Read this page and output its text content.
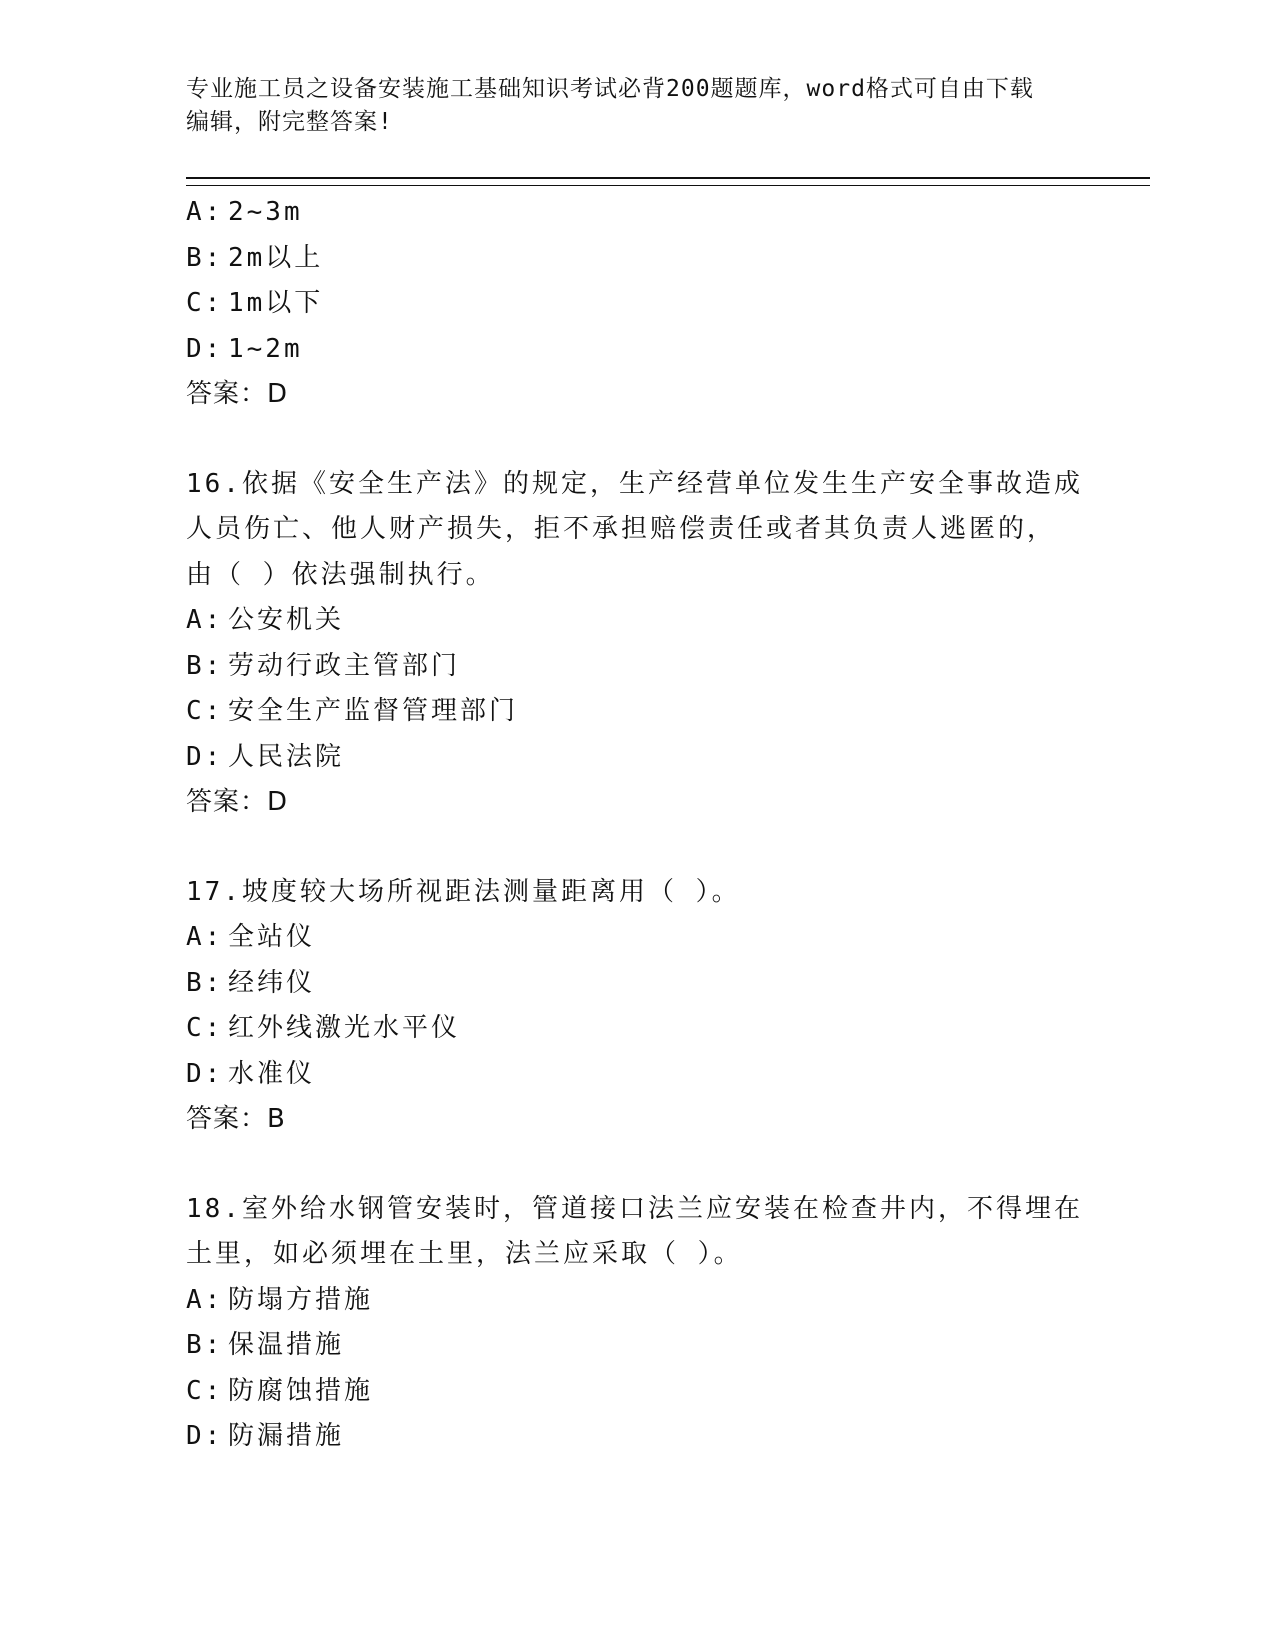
专业施工员之设备安装施工基础知识考试必背200题题库，word格式可自由下载
编辑，附完整答案!
A: 2~3m
B: 2m以上
C: 1m以下
D: 1~2m
答案：D
16.依据《安全生产法》的规定，生产经营单位发生生产安全事故造成
人员伤亡、他人财产损失，拒不承担赔偿责任或者其负责人逃匿的，
由（ ）依法强制执行。
A: 公安机关
B: 劳动行政主管部门
C: 安全生产监督管理部门
D: 人民法院
答案：D
17.坡度较大场所视距法测量距离用（ ）。
A: 全站仪
B: 经纬仪
C: 红外线激光水平仪
D: 水准仪
答案：B
18.室外给水钢管安装时，管道接口法兰应安装在检查井内，不得埋在
土里，如必须埋在土里，法兰应采取（ ）。
A: 防塌方措施
B: 保温措施
C: 防腐蚀措施
D: 防漏措施
